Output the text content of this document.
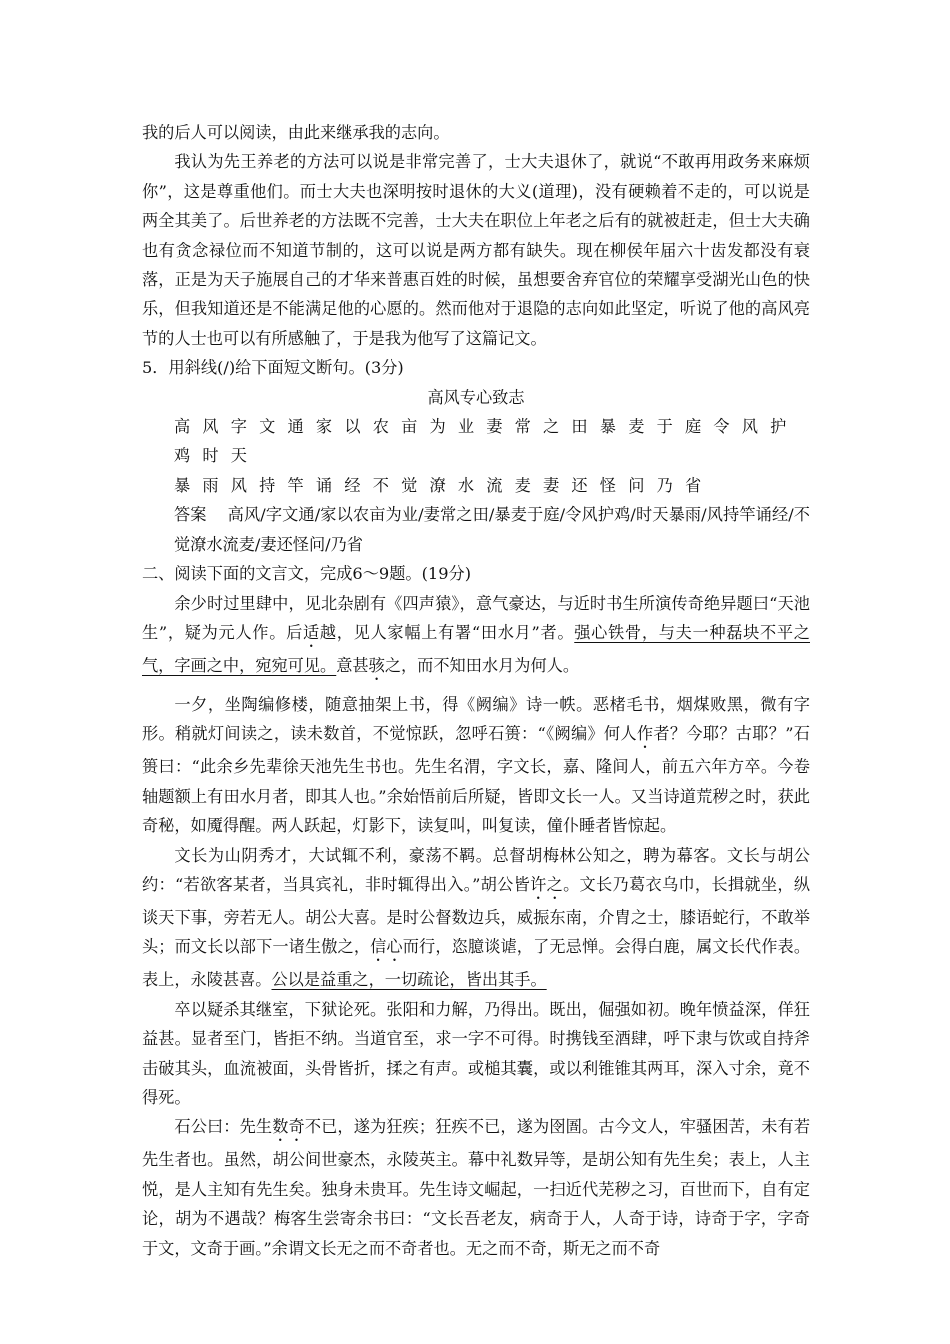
我的后人可以阅读，由此来继承我的志向。

我认为先王养老的方法可以说是非常完善了，士大夫退休了，就说“不敢再用政务来麻烦你”，这是尊重他们。而士大夫也深明按时退休的大义(道理)，没有硬赖着不走的，可以说是两全其美了。后世养老的方法既不完善，士大夫在职位上年老之后有的就被赶走，但士大夫确也有贪念禄位而不知道节制的，这可以说是两方都有缺失。现在柳侯年届六十齿发都没有衰落，正是为天子施展自己的才华来普惠百姓的时候，虽想要舍弃官位的荣耀享受湖光山色的快乐，但我知道还是不能满足他的心愿的。然而他对于退隐的志向如此坚定，听说了他的高风亮节的人士也可以有所感触了，于是我为他写了这篇记文。

5．用斜线(/)给下面短文断句。(3分)

高风专心致志

高风字文通家以农亩为业妻常之田暴麦于庭令风护鸡时天

暴雨风持竿诵经不觉潦水流麦妻还怪问乃省

答案 高风/字文通/家以农亩为业/妻常之田/暴麦于庭/令风护鸡/时天暴雨/风持竿诵经/不觉潦水流麦/妻还怪问/乃省

二、阅读下面的文言文，完成6～9题。(19分)

余少时过里肆中，见北杂剧有《四声猿》，意气豪达，与近时书生所演传奇绝异题曰“天池生”，疑为元人作。后适越，见人家幅上有署“田水月”者。强心铁骨，与夫一种磊块不平之气，字画之中，宛宛可见。意甚骇之，而不知田水月为何人。

一夕，坐陶编修楼，随意抽架上书，得《阙编》诗一帙。恶楮毛书，烟煤败黑，微有字形。稍就灯间读之，读未数首，不觉惊跃，忽呼石篑：“《阙编》何人作者？今耶？古耶？”石篑曰：“此余乡先辈徐天池先生书也。先生名渭，字文长，嘉、隆间人，前五六年方卒。今卷轴题额上有田水月者，即其人也。”余始悟前后所疑，皆即文长一人。又当诗道荒秽之时，获此奇秘，如魇得醒。两人跃起，灯影下，读复叫，叫复读，僮仆睡者皆惊起。

文长为山阴秀才，大试辄不利，豪荡不羁。总督胡梅林公知之，聘为幕客。文长与胡公约：“若欲客某者，当具宾礼，非时辄得出入。”胡公皆许之。文长乃葛衣乌巾，长揖就坐，纵谈天下事，旁若无人。胡公大喜。是时公督数边兵，威振东南，介胄之士，膝语蛇行，不敢举头；而文长以部下一诸生傲之，信心而行，恣臆谈谑，了无忌惮。会得白鹿，属文长代作表。表上，永陵甚喜。公以是益重之，一切疏论，皆出其手。

卒以疑杀其继室，下狱论死。张阳和力解，乃得出。既出，倔强如初。晚年愤益深，佯狂益甚。显者至门，皆拒不纳。当道官至，求一字不可得。时携钱至酒肆，呼下隶与饮或自持斧击破其头，血流被面，头骨皆折，揉之有声。或槌其囊，或以利锥锥其两耳，深入寸余，竟不得死。

石公曰：先生数奇不已，遂为狂疾；狂疾不已，遂为囹圄。古今文人，牢骚困苦，未有若先生者也。虽然，胡公间世豪杰，永陵英主。幕中礼数异等，是胡公知有先生矣；表上，人主悦，是人主知有先生矣。独身未贵耳。先生诗文崛起，一扫近代芜秽之习，百世而下，自有定论，胡为不遇哉？梅客生尝寄余书曰：“文长吾老友，病奇于人，人奇于诗，诗奇于字，字奇于文，文奇于画。”余谓文长无之而不奇者也。无之而不奇，斯无之而不奇
